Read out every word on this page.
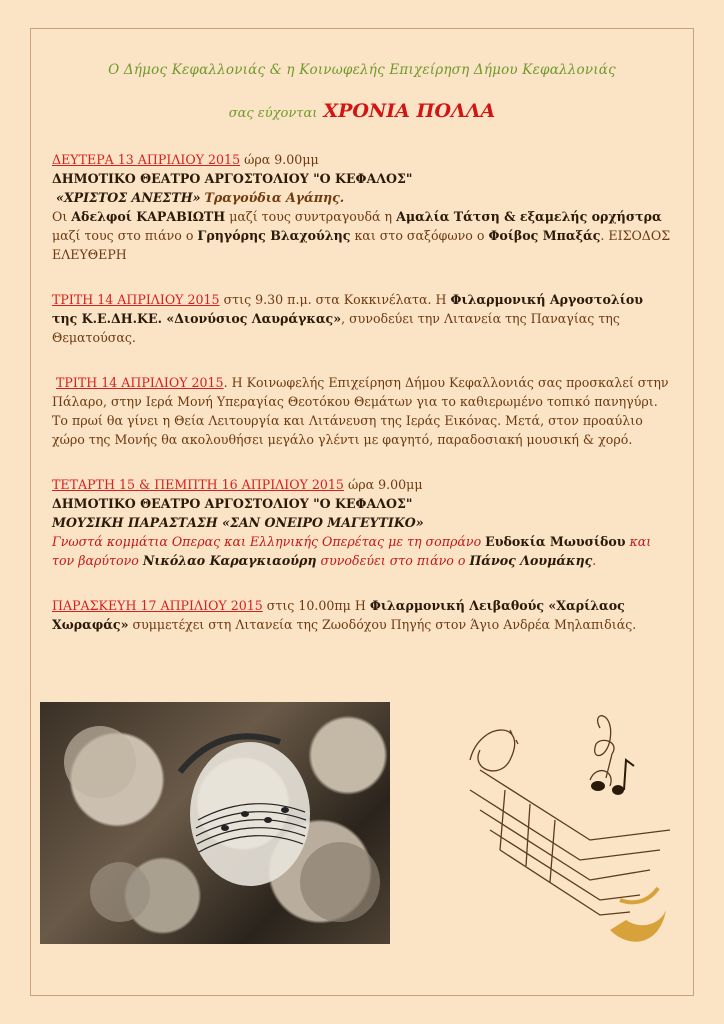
Ο Δήμος Κεφαλλονιάς & η Κοινωφελής Επιχείρηση Δήμου Κεφαλλονιάς
σας εύχονται ΧΡΟΝΙΑ ΠΟΛΛΑ

ΔΕΥΤΕΡΑ 13 ΑΠΡΙΛΙΟΥ 2015 ώρα 9.00μμ
ΔΗΜΟΤΙΚΟ ΘΕΑΤΡΟ ΑΡΓΟΣΤΟΛΙΟΥ "Ο ΚΕΦΑΛΟΣ"
«ΧΡΙΣΤΟΣ ΑΝΕΣΤΗ» Τραγούδια Αγάπης.
Οι Αδελφοί ΚΑΡΑΒΙΩΤΗ μαζί τους συντραγουδά η Αμαλία Τάτση & εξαμελής ορχήστρα μαζί τους στο πιάνο ο Γρηγόρης Βλαχούλης και στο σαξόφωνο ο Φοίβος Μπαξάς. ΕΙΣΟΔΟΣ ΕΛΕΥΘΕΡΗ

ΤΡΙΤΗ 14 ΑΠΡΙΛΙΟΥ 2015 στις 9.30 π.μ. στα Κοκκινέλατα. Η Φιλαρμονική Αργοστολίου της Κ.Ε.ΔΗ.ΚΕ. «Διονύσιος Λαυράγκας», συνοδεύει την Λιτανεία της Παναγίας της Θεματούσας.

ΤΡΙΤΗ 14 ΑΠΡΙΛΙΟΥ 2015. Η Κοινωφελής Επιχείρηση Δήμου Κεφαλλονιάς σας προσκαλεί στην Πάλαρο, στην Ιερά Μονή Υπεραγίας Θεοτόκου Θεμάτων για το καθιερωμένο τοπικό πανηγύρι. Το πρωί θα γίνει η Θεία Λειτουργία και Λιτάνευση της Ιεράς Εικόνας. Μετά, στον προαύλιο χώρο της Μονής θα ακολουθήσει μεγάλο γλέντι με φαγητό, παραδοσιακή μουσική & χορό.

ΤΕΤΑΡΤΗ 15 & ΠΕΜΠΤΗ 16 ΑΠΡΙΛΙΟΥ 2015 ώρα 9.00μμ
ΔΗΜΟΤΙΚΟ ΘΕΑΤΡΟ ΑΡΓΟΣΤΟΛΙΟΥ "Ο ΚΕΦΑΛΟΣ"
ΜΟΥΣΙΚΗ ΠΑΡΑΣΤΑΣΗ «ΣΑΝ ΟΝΕΙΡΟ ΜΑΓΕΥΤΙΚΟ»
Γνωστά κομμάτια Οπερας και Ελληνικής Οπερέτας με τη σοπράνο Ευδοκία Μωυσίδου και τον βαρύτονο Νικόλαο Καραγκιαούρη συνοδεύει στο πιάνο ο Πάνος Λουμάκης.

ΠΑΡΑΣΚΕΥΗ 17 ΑΠΡΙΛΙΟΥ 2015 στις 10.00πμ Η Φιλαρμονική Λειβαθούς «Χαρίλαος Χωραφάς» συμμετέχει στη Λιτανεία της Ζωοδόχου Πηγής στον Άγιο Ανδρέα Μηλαπιδιάς.
